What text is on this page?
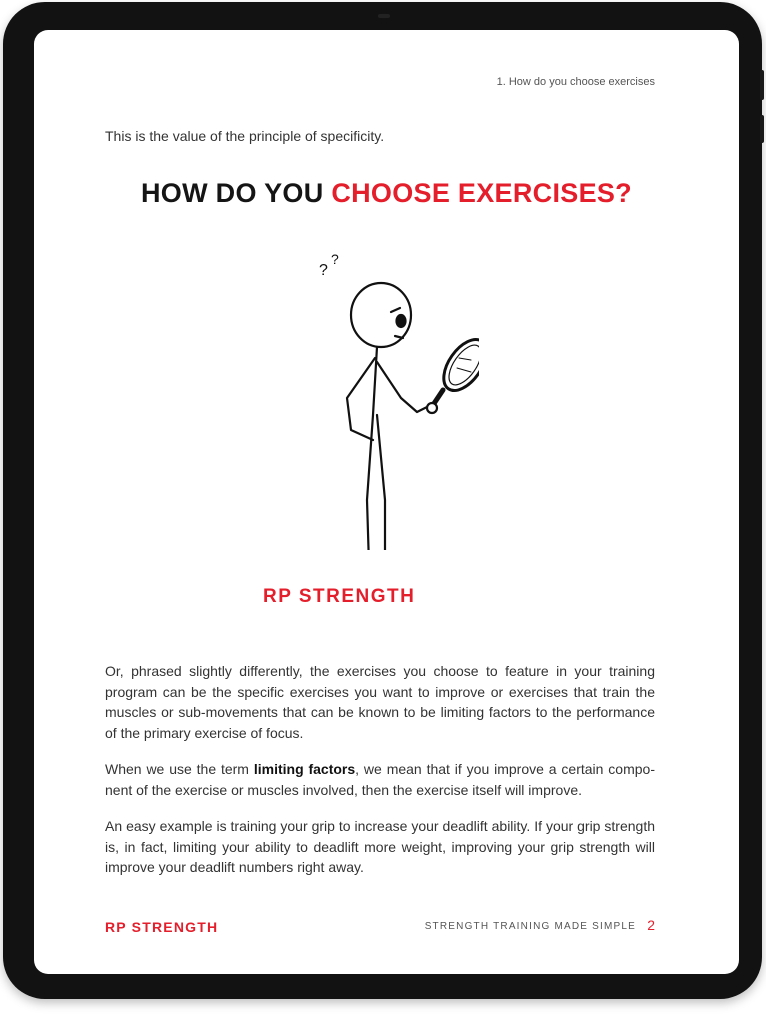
1. How do you choose exercises
This is the value of the principle of specificity.
HOW DO YOU CHOOSE EXERCISES?
?
?
RP STRENGTH

Or, phrased slightly differently, the exercises you choose to feature in your training program can be the specific exercises you want to improve or exercises that train the muscles or sub-movements that can be known to be limiting factors to the performance of the primary exercise of focus.

When we use the term limiting factors, we mean that if you improve a certain compo-nent of the exercise or muscles involved, then the exercise itself will improve.

An easy example is training your grip to increase your deadlift ability. If your grip strength is, in fact, limiting your ability to deadlift more weight, improving your grip strength will improve your deadlift numbers right away.

RP STRENGTH	STRENGTH TRAINING MADE SIMPLE 2
